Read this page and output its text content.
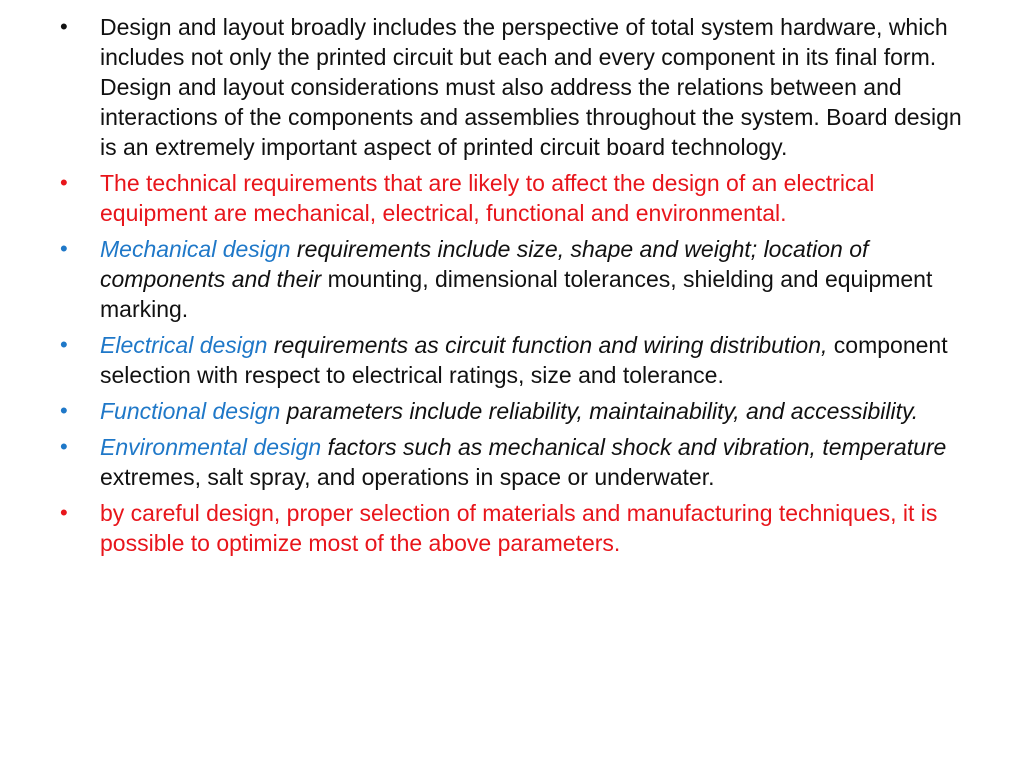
• Design and layout broadly includes the perspective of total system hardware, which includes not only the printed circuit but each and every component in its final form. Design and layout considerations must also address the relations between and interactions of the components and assemblies throughout the system. Board design is an extremely important aspect of printed circuit board technology.
• The technical requirements that are likely to affect the design of an electrical equipment are mechanical, electrical, functional and environmental.
• Mechanical design requirements include size, shape and weight; location of components and their mounting, dimensional tolerances, shielding and equipment marking.
• Electrical design requirements as circuit function and wiring distribution, component selection with respect to electrical ratings, size and tolerance.
• Functional design parameters include reliability, maintainability, and accessibility.
• Environmental design factors such as mechanical shock and vibration, temperature extremes, salt spray, and operations in space or underwater.
• by careful design, proper selection of materials and manufacturing techniques, it is possible to optimize most of the above parameters.
